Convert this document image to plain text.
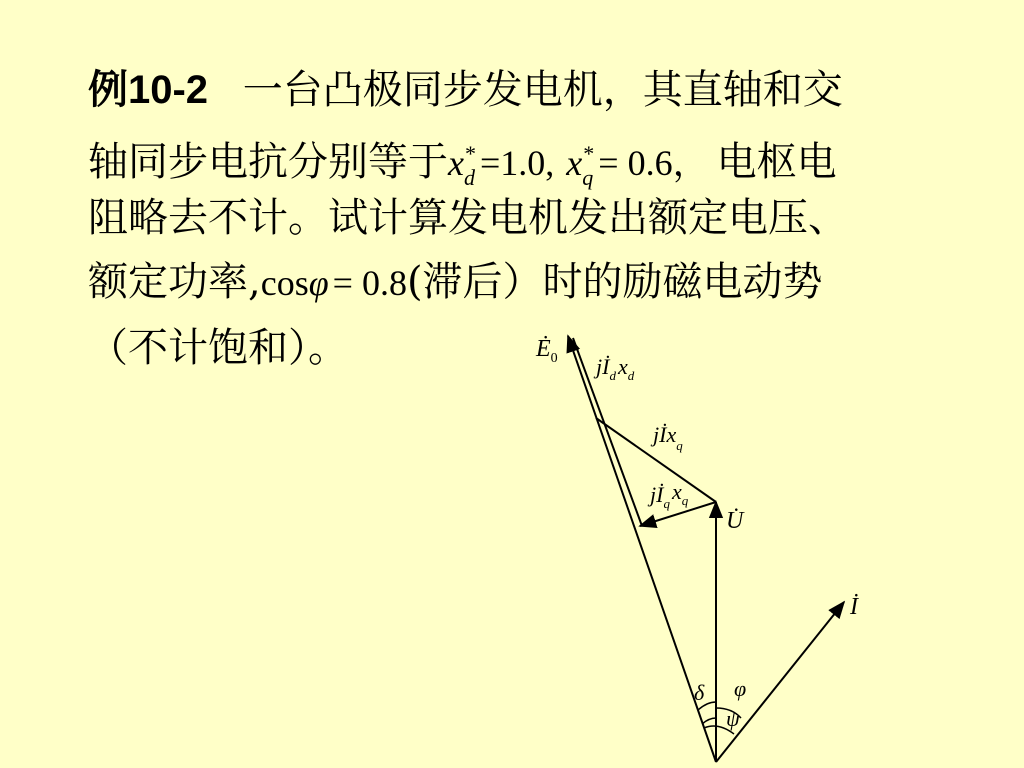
例10-2 一台凸极同步发电机，其直轴和交
轴同步电抗分别等于$x_d^* =1.0$, $x_q^* = 0.6$， 电枢电
阻略去不计。试计算发电机发出额定电压、
额定功率,cosφ = 0.8(滞后）时的励磁电动势
（不计饱和）。	$Ė_0$ $jİ_dx_d$
jİx$_q$
$jİ_qx_q$
U̇
İ
δ φ
ψ
